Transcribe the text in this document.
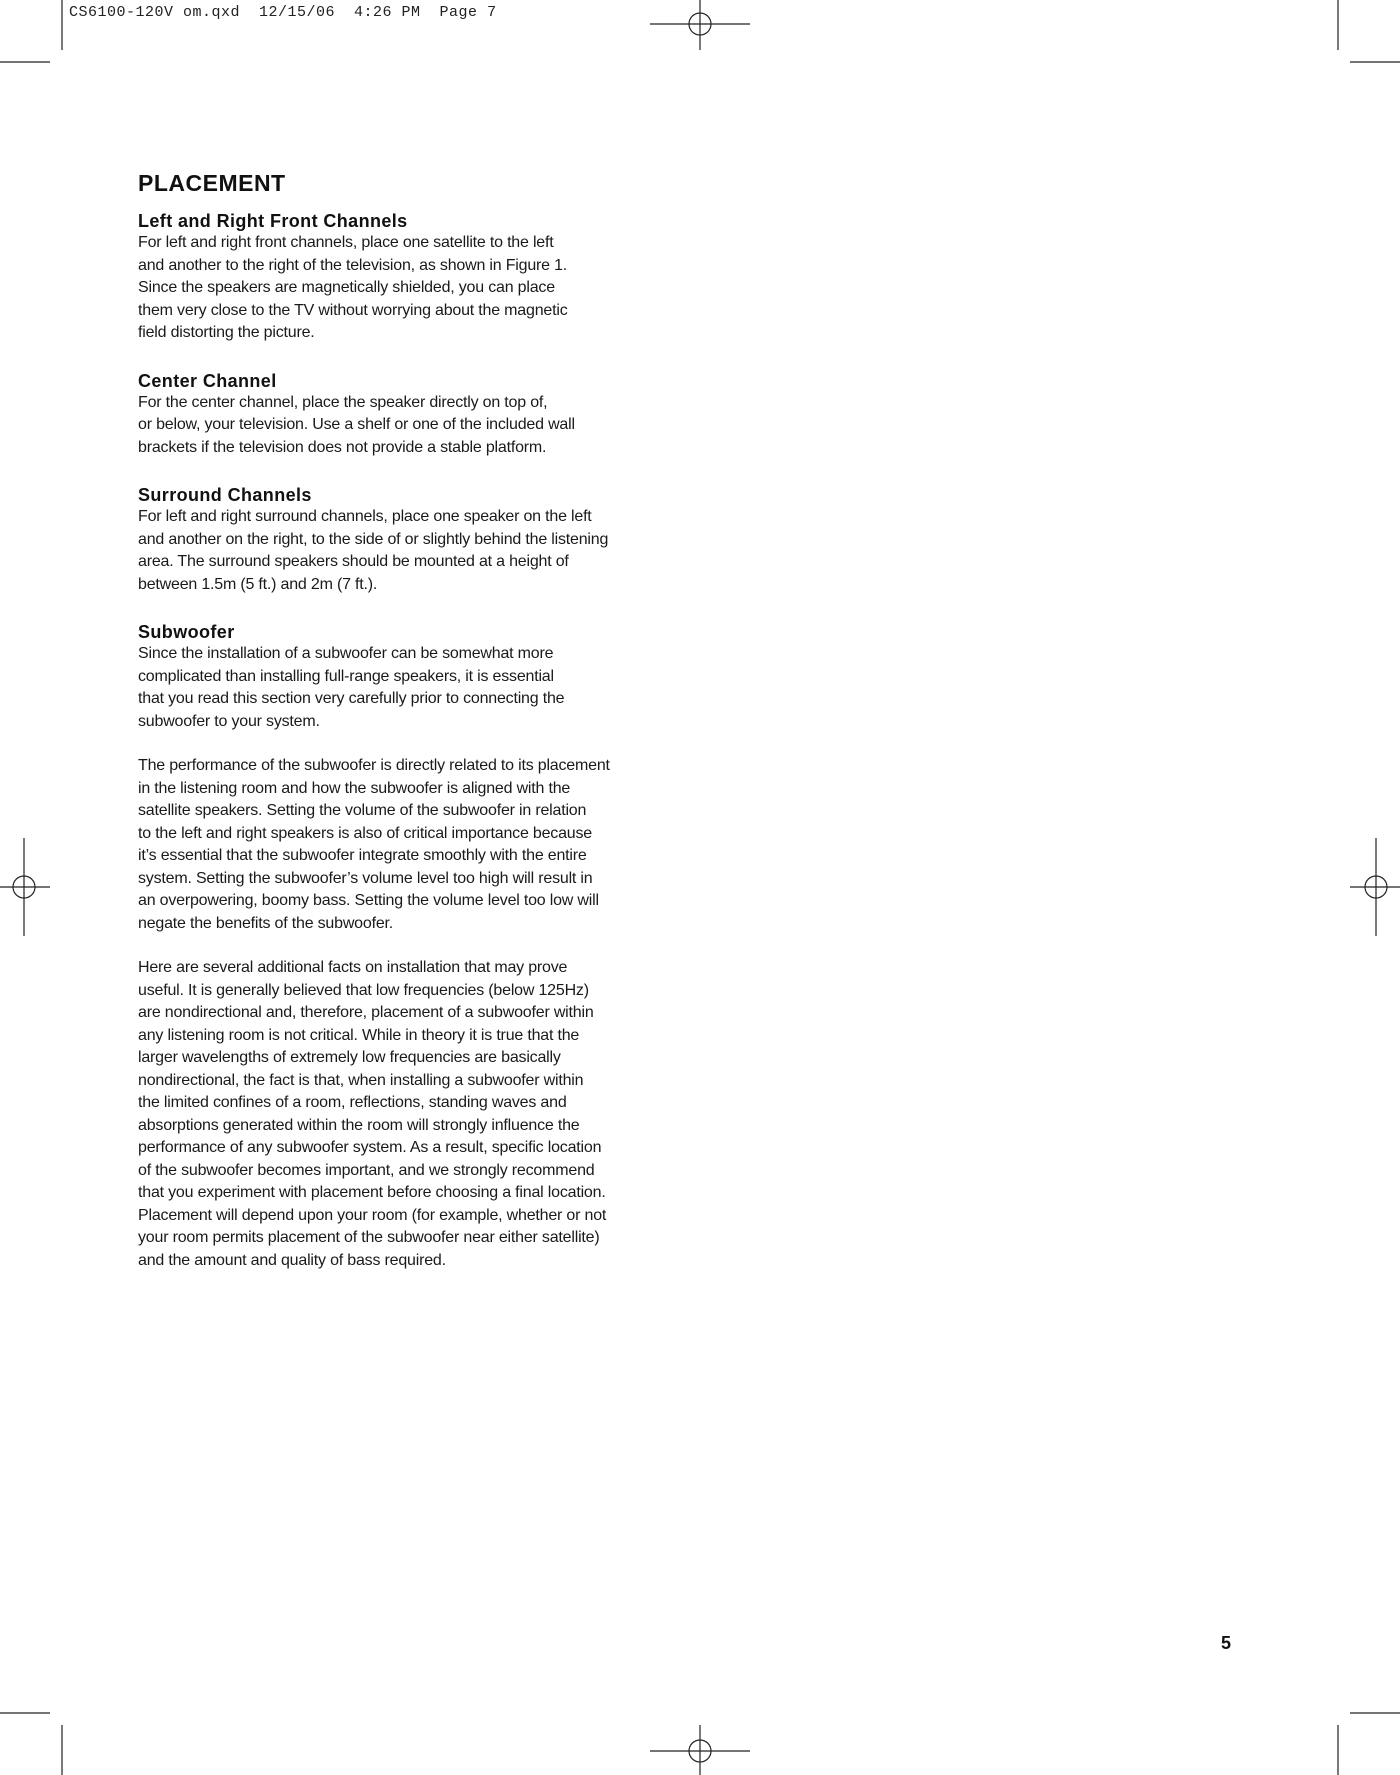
CS6100-120V om.qxd  12/15/06  4:26 PM  Page 7
PLACEMENT
Left and Right Front Channels
For left and right front channels, place one satellite to the left
and another to the right of the television, as shown in Figure 1.
Since the speakers are magnetically shielded, you can place
them very close to the TV without worrying about the magnetic
field distorting the picture.
Center Channel
For the center channel, place the speaker directly on top of,
or below, your television. Use a shelf or one of the included wall
brackets if the television does not provide a stable platform.
Surround Channels
For left and right surround channels, place one speaker on the left
and another on the right, to the side of or slightly behind the listening
area. The surround speakers should be mounted at a height of
between 1.5m (5 ft.) and 2m (7 ft.).
Subwoofer
Since the installation of a subwoofer can be somewhat more
complicated than installing full-range speakers, it is essential
that you read this section very carefully prior to connecting the
subwoofer to your system.
The performance of the subwoofer is directly related to its placement
in the listening room and how the subwoofer is aligned with the
satellite speakers. Setting the volume of the subwoofer in relation
to the left and right speakers is also of critical importance because
it’s essential that the subwoofer integrate smoothly with the entire
system. Setting the subwoofer’s volume level too high will result in
an overpowering, boomy bass. Setting the volume level too low will
negate the benefits of the subwoofer.
Here are several additional facts on installation that may prove
useful. It is generally believed that low frequencies (below 125Hz)
are nondirectional and, therefore, placement of a subwoofer within
any listening room is not critical. While in theory it is true that the
larger wavelengths of extremely low frequencies are basically
nondirectional, the fact is that, when installing a subwoofer within
the limited confines of a room, reflections, standing waves and
absorptions generated within the room will strongly influence the
performance of any subwoofer system. As a result, specific location
of the subwoofer becomes important, and we strongly recommend
that you experiment with placement before choosing a final location.
Placement will depend upon your room (for example, whether or not
your room permits placement of the subwoofer near either satellite)
and the amount and quality of bass required.
5
